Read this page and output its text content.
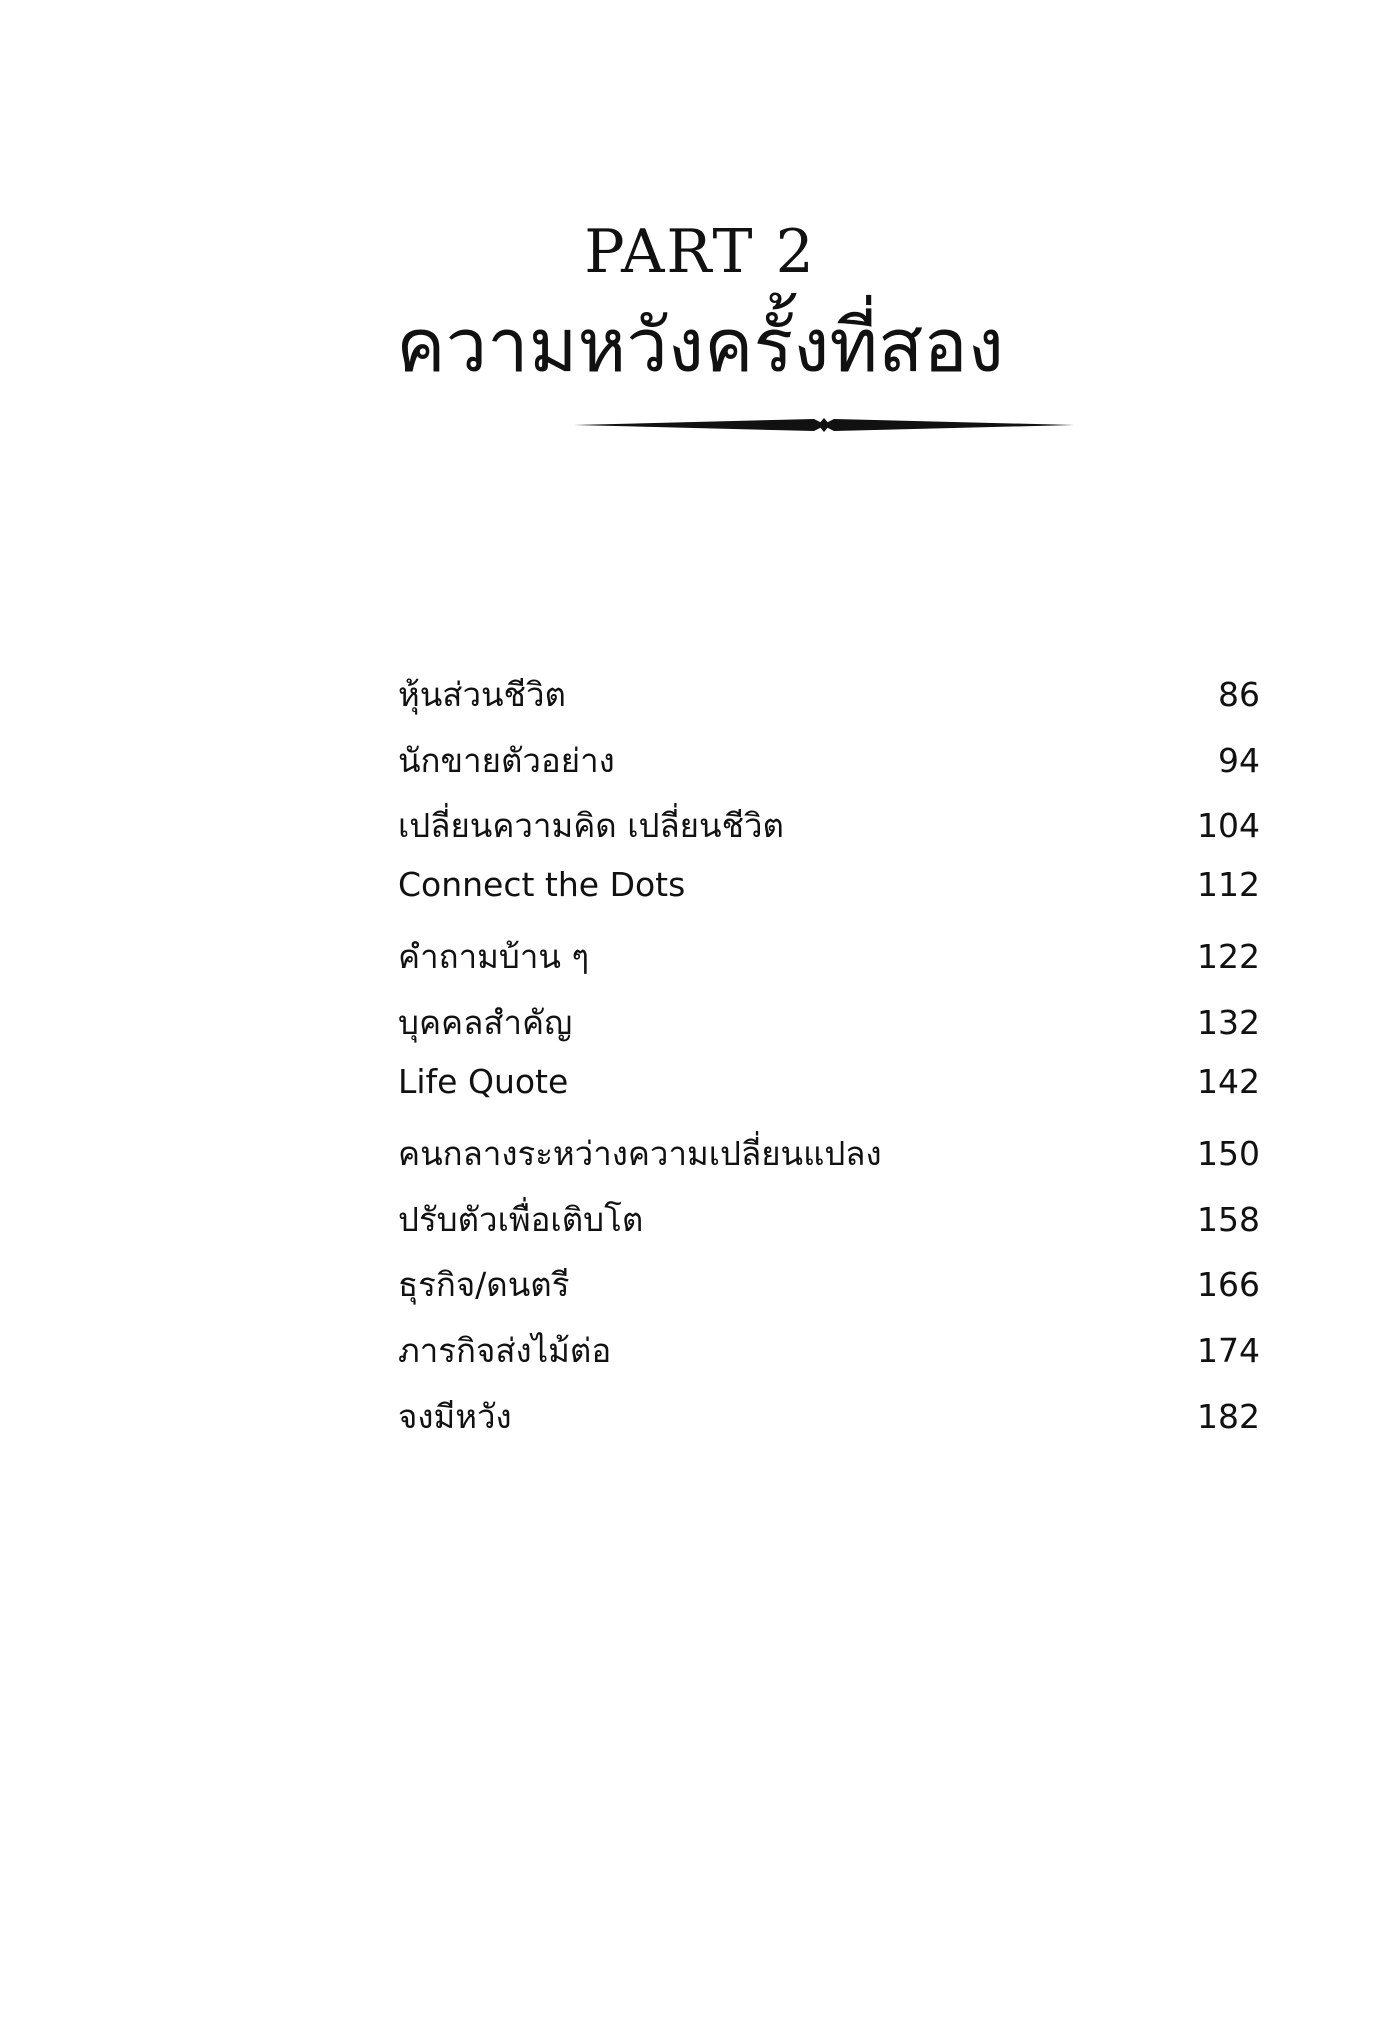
PART 2
ความหวังครั้งที่สอง
หุ้นส่วนชีวิต	86
นักขายตัวอย่าง	94
เปลี่ยนความคิด เปลี่ยนชีวิต	104
Connect the Dots	112
คำถามบ้าน ๆ	122
บุคคลสำคัญ	132
Life Quote	142
คนกลางระหว่างความเปลี่ยนแปลง	150
ปรับตัวเพื่อเติบโต	158
ธุรกิจ/ดนตรี	166
ภารกิจส่งไม้ต่อ	174
จงมีหวัง	182
